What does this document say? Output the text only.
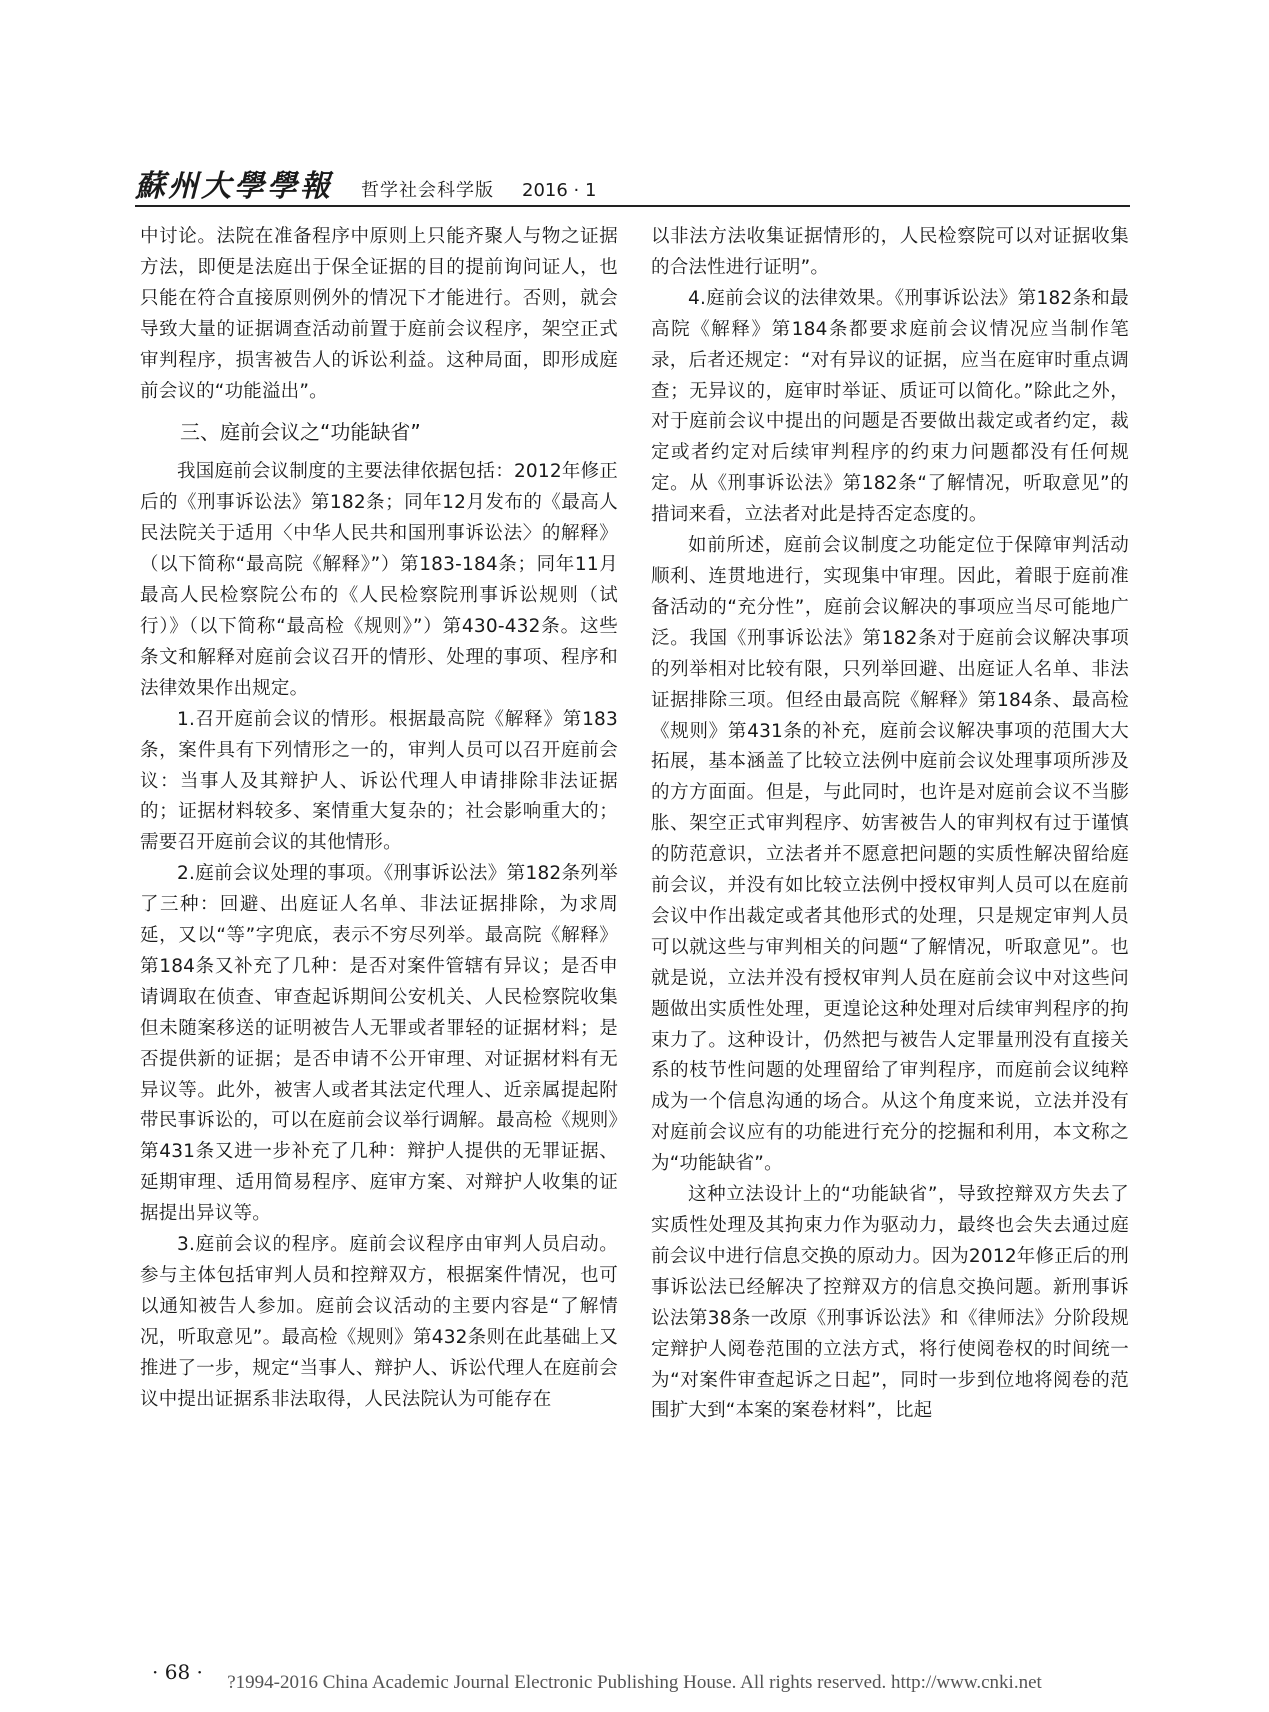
蘇州大學學報 哲学社会科学版 2016 · 1

中讨论。法院在准备程序中原则上只能齐聚人与物之证据方法，即便是法庭出于保全证据的目的提前询问证人，也只能在符合直接原则例外的情况下才能进行。否则，就会导致大量的证据调查活动前置于庭前会议程序，架空正式审判程序，损害被告人的诉讼利益。这种局面，即形成庭前会议的“功能溢出”。

三、庭前会议之“功能缺省”

我国庭前会议制度的主要法律依据包括：2012年修正后的《刑事诉讼法》第182条；同年12月发布的《最高人民法院关于适用〈中华人民共和国刑事诉讼法〉的解释》（以下简称“最高院《解释》”）第183-184条；同年11月最高人民检察院公布的《人民检察院刑事诉讼规则（试行）》（以下简称“最高检《规则》”）第430-432条。这些条文和解释对庭前会议召开的情形、处理的事项、程序和法律效果作出规定。

1.召开庭前会议的情形。根据最高院《解释》第183条，案件具有下列情形之一的，审判人员可以召开庭前会议：当事人及其辩护人、诉讼代理人申请排除非法证据的；证据材料较多、案情重大复杂的；社会影响重大的；需要召开庭前会议的其他情形。

2.庭前会议处理的事项。《刑事诉讼法》第182条列举了三种：回避、出庭证人名单、非法证据排除，为求周延，又以“等”字兜底，表示不穷尽列举。最高院《解释》第184条又补充了几种：是否对案件管辖有异议；是否申请调取在侦查、审查起诉期间公安机关、人民检察院收集但未随案移送的证明被告人无罪或者罪轻的证据材料；是否提供新的证据；是否申请不公开审理、对证据材料有无异议等。此外，被害人或者其法定代理人、近亲属提起附带民事诉讼的，可以在庭前会议举行调解。最高检《规则》第431条又进一步补充了几种：辩护人提供的无罪证据、延期审理、适用简易程序、庭审方案、对辩护人收集的证据提出异议等。

3.庭前会议的程序。庭前会议程序由审判人员启动。参与主体包括审判人员和控辩双方，根据案件情况，也可以通知被告人参加。庭前会议活动的主要内容是“了解情况，听取意见”。最高检《规则》第432条则在此基础上又推进了一步，规定“当事人、辩护人、诉讼代理人在庭前会议中提出证据系非法取得，人民法院认为可能存在

以非法方法收集证据情形的，人民检察院可以对证据收集的合法性进行证明”。

4.庭前会议的法律效果。《刑事诉讼法》第182条和最高院《解释》第184条都要求庭前会议情况应当制作笔录，后者还规定：“对有异议的证据，应当在庭审时重点调查；无异议的，庭审时举证、质证可以简化。”除此之外，对于庭前会议中提出的问题是否要做出裁定或者约定，裁定或者约定对后续审判程序的约束力问题都没有任何规定。从《刑事诉讼法》第182条“了解情况，听取意见”的措词来看，立法者对此是持否定态度的。

如前所述，庭前会议制度之功能定位于保障审判活动顺利、连贯地进行，实现集中审理。因此，着眼于庭前准备活动的“充分性”，庭前会议解决的事项应当尽可能地广泛。我国《刑事诉讼法》第182条对于庭前会议解决事项的列举相对比较有限，只列举回避、出庭证人名单、非法证据排除三项。但经由最高院《解释》第184条、最高检《规则》第431条的补充，庭前会议解决事项的范围大大拓展，基本涵盖了比较立法例中庭前会议处理事项所涉及的方方面面。但是，与此同时，也许是对庭前会议不当膨胀、架空正式审判程序、妨害被告人的审判权有过于谨慎的防范意识，立法者并不愿意把问题的实质性解决留给庭前会议，并没有如比较立法例中授权审判人员可以在庭前会议中作出裁定或者其他形式的处理，只是规定审判人员可以就这些与审判相关的问题“了解情况，听取意见”。也就是说，立法并没有授权审判人员在庭前会议中对这些问题做出实质性处理，更遑论这种处理对后续审判程序的拘束力了。这种设计，仍然把与被告人定罪量刑没有直接关系的枝节性问题的处理留给了审判程序，而庭前会议纯粹成为一个信息沟通的场合。从这个角度来说，立法并没有对庭前会议应有的功能进行充分的挖掘和利用，本文称之为“功能缺省”。

这种立法设计上的“功能缺省”，导致控辩双方失去了实质性处理及其拘束力作为驱动力，最终也会失去通过庭前会议中进行信息交换的原动力。因为2012年修正后的刑事诉讼法已经解决了控辩双方的信息交换问题。新刑事诉讼法第38条一改原《刑事诉讼法》和《律师法》分阶段规定辩护人阅卷范围的立法方式，将行使阅卷权的时间统一为“对案件审查起诉之日起”，同时一步到位地将阅卷的范围扩大到“本案的案卷材料”，比起

· 68 ·	?1994-2016 China Academic Journal Electronic Publishing House. All rights reserved. http://www.cnki.net
